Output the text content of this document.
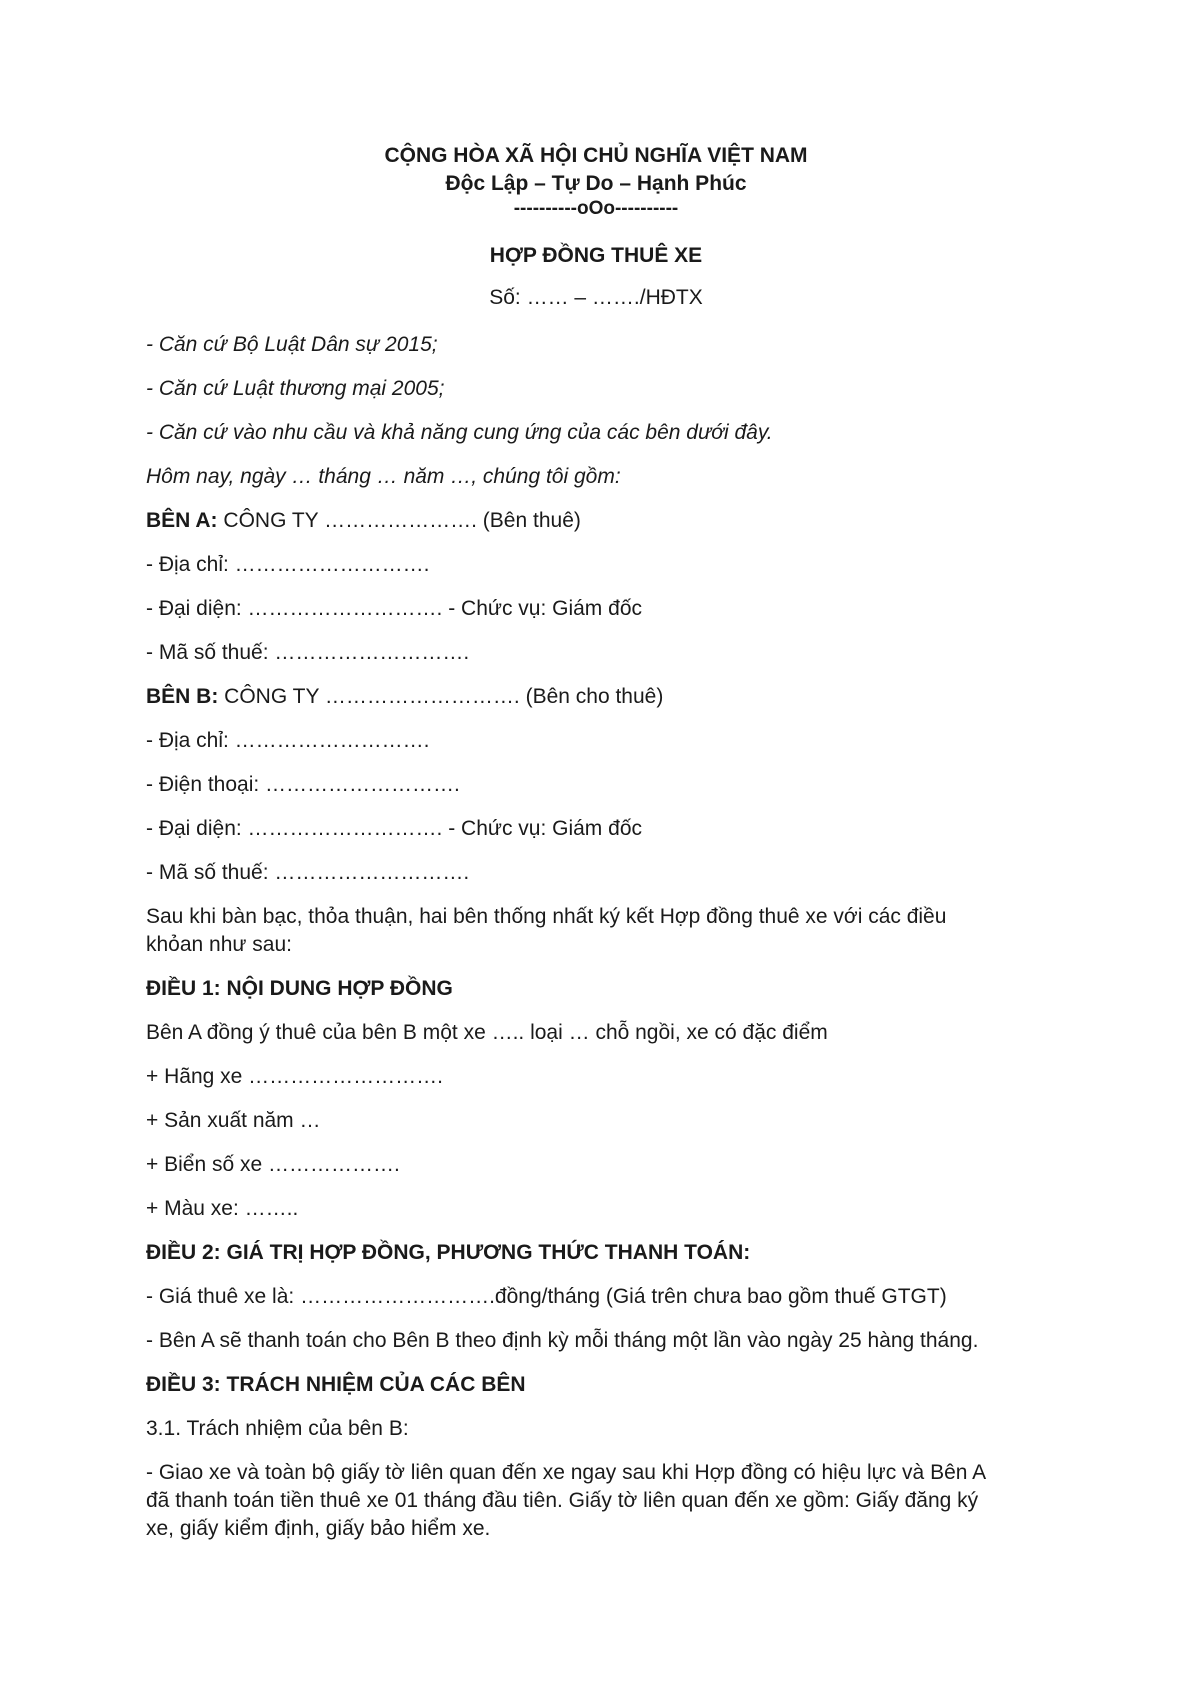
CỘNG HÒA XÃ HỘI CHỦ NGHĨA VIỆT NAM

Độc Lập – Tự Do – Hạnh Phúc

----------oOo----------

HỢP ĐỒNG THUÊ XE
Số: …… – ……./HĐTX

- Căn cứ Bộ Luật Dân sự 2015;

- Căn cứ Luật thương mại 2005;

- Căn cứ vào nhu cầu và khả năng cung ứng của các bên dưới đây.

Hôm nay, ngày … tháng … năm …, chúng tôi gồm:

BÊN A: CÔNG TY …………………. (Bên thuê)

- Địa chỉ: ……………………….

- Đại diện: ………………………. - Chức vụ: Giám đốc

- Mã số thuế: ……………………….

BÊN B: CÔNG TY ………………………. (Bên cho thuê)

- Địa chỉ: ……………………….

- Điện thoại: ……………………….

- Đại diện: ………………………. - Chức vụ: Giám đốc

- Mã số thuế: ……………………….

Sau khi bàn bạc, thỏa thuận, hai bên thống nhất ký kết Hợp đồng thuê xe với các điều

khỏan như sau:

ĐIỀU 1: NỘI DUNG HỢP ĐỒNG

Bên A đồng ý thuê của bên B một xe ….. loại … chỗ ngồi, xe có đặc điểm

+ Hãng xe ……………………….

+ Sản xuất năm …

+ Biển số xe ……………….

+ Màu xe: ……..

ĐIỀU 2: GIÁ TRỊ HỢP ĐỒNG, PHƯƠNG THỨC THANH TOÁN:

- Giá thuê xe là: ……………………….đồng/tháng (Giá trên chưa bao gồm thuế GTGT)

- Bên A sẽ thanh toán cho Bên B theo định kỳ mỗi tháng một lần vào ngày 25 hàng tháng.

ĐIỀU 3: TRÁCH NHIỆM CỦA CÁC BÊN

3.1. Trách nhiệm của bên B:

- Giao xe và toàn bộ giấy tờ liên quan đến xe ngay sau khi Hợp đồng có hiệu lực và Bên A

đã thanh toán tiền thuê xe 01 tháng đầu tiên. Giấy tờ liên quan đến xe gồm: Giấy đăng ký

xe, giấy kiểm định, giấy bảo hiểm xe.
